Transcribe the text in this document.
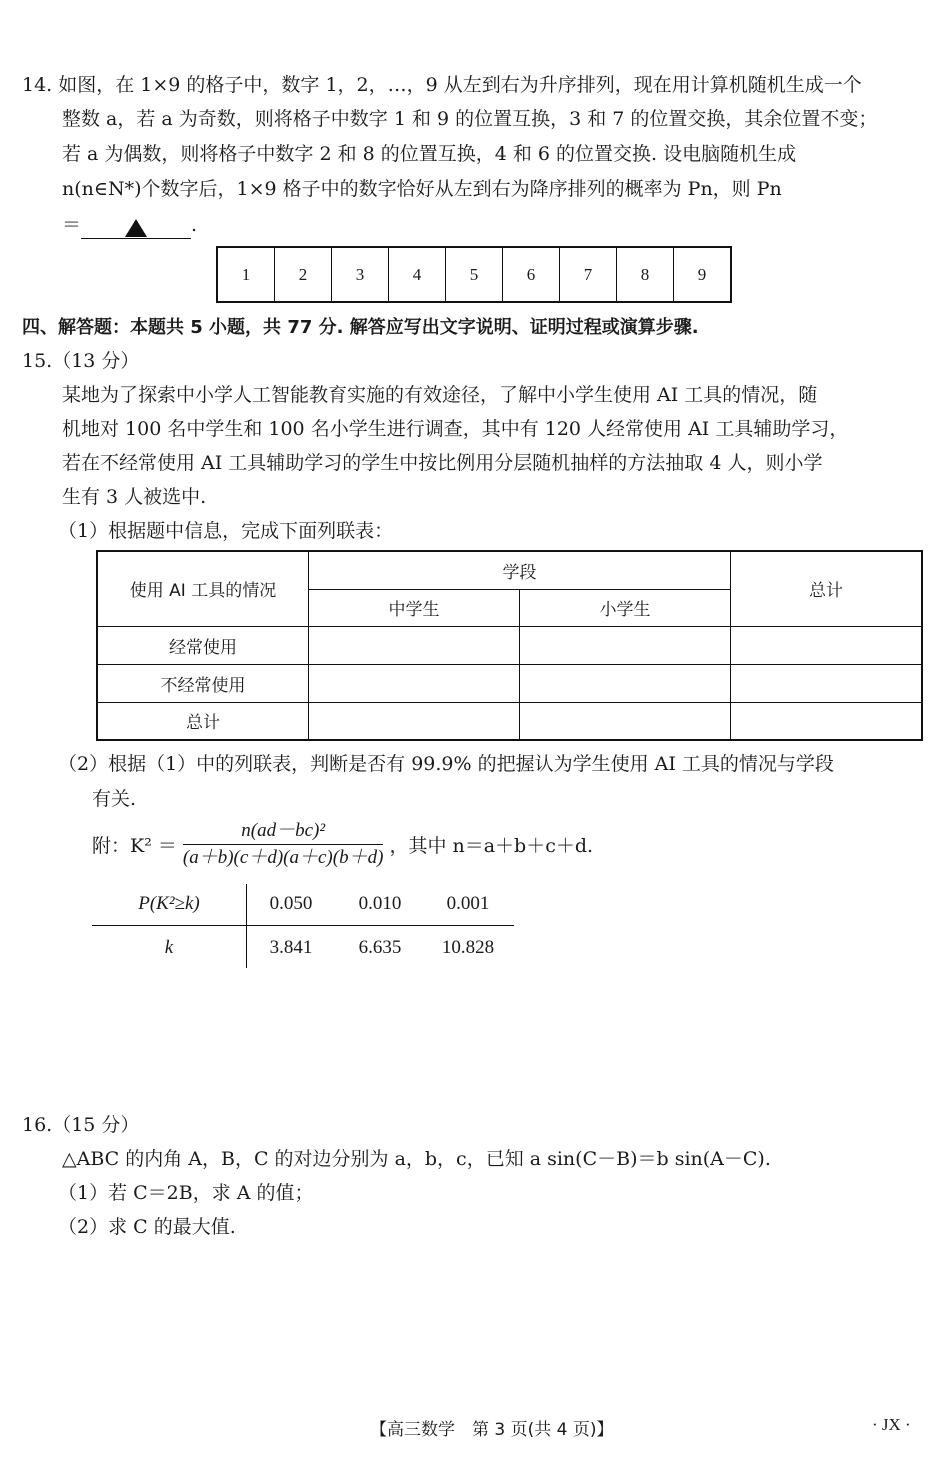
14. 如图，在 1×9 的格子中，数字 1，2，…，9 从左到右为升序排列，现在用计算机随机生成一个
整数 a，若 a 为奇数，则将格子中数字 1 和 9 的位置互换，3 和 7 的位置交换，其余位置不变；
若 a 为偶数，则将格子中数字 2 和 8 的位置互换，4 和 6 的位置交换. 设电脑随机生成
n(n∈N*)个数字后，1×9 格子中的数字恰好从左到右为降序排列的概率为 Pn，则 Pn
＝	.
1	2	3	4	5	6	7	8	9
四、解答题：本题共 5 小题，共 77 分. 解答应写出文字说明、证明过程或演算步骤.
15.（13 分）
某地为了探索中小学人工智能教育实施的有效途径，了解中小学生使用 AI 工具的情况，随
机地对 100 名中学生和 100 名小学生进行调查，其中有 120 人经常使用 AI 工具辅助学习，
若在不经常使用 AI 工具辅助学习的学生中按比例用分层随机抽样的方法抽取 4 人，则小学
生有 3 人被选中.
（1）根据题中信息，完成下面列联表：
使用 AI 工具的情况	学段		总计
	中学生	小学生	
经常使用			
不经常使用			
总计			
（2）根据（1）中的列联表，判断是否有 99.9% 的把握认为学生使用 AI 工具的情况与学段
有关.
附：$K^2 = \frac{\text{n(ad－bc)²}}{(a+b)(c+d)(a+c)(b+d)}$ ，其中 n＝a＋b＋c＋d.
P(K²≥k)	0.050	0.010	0.001
k	3.841	6.635	10.828
16.（15 分）
△ABC 的内角 A，B，C 的对边分别为 a，b，c，已知 a sin(C－B)＝b sin(A－C).
（1）若 C＝2B，求 A 的值；
（2）求 C 的最大值.
【高三数学　第 3 页(共 4 页)】	· JX ·
